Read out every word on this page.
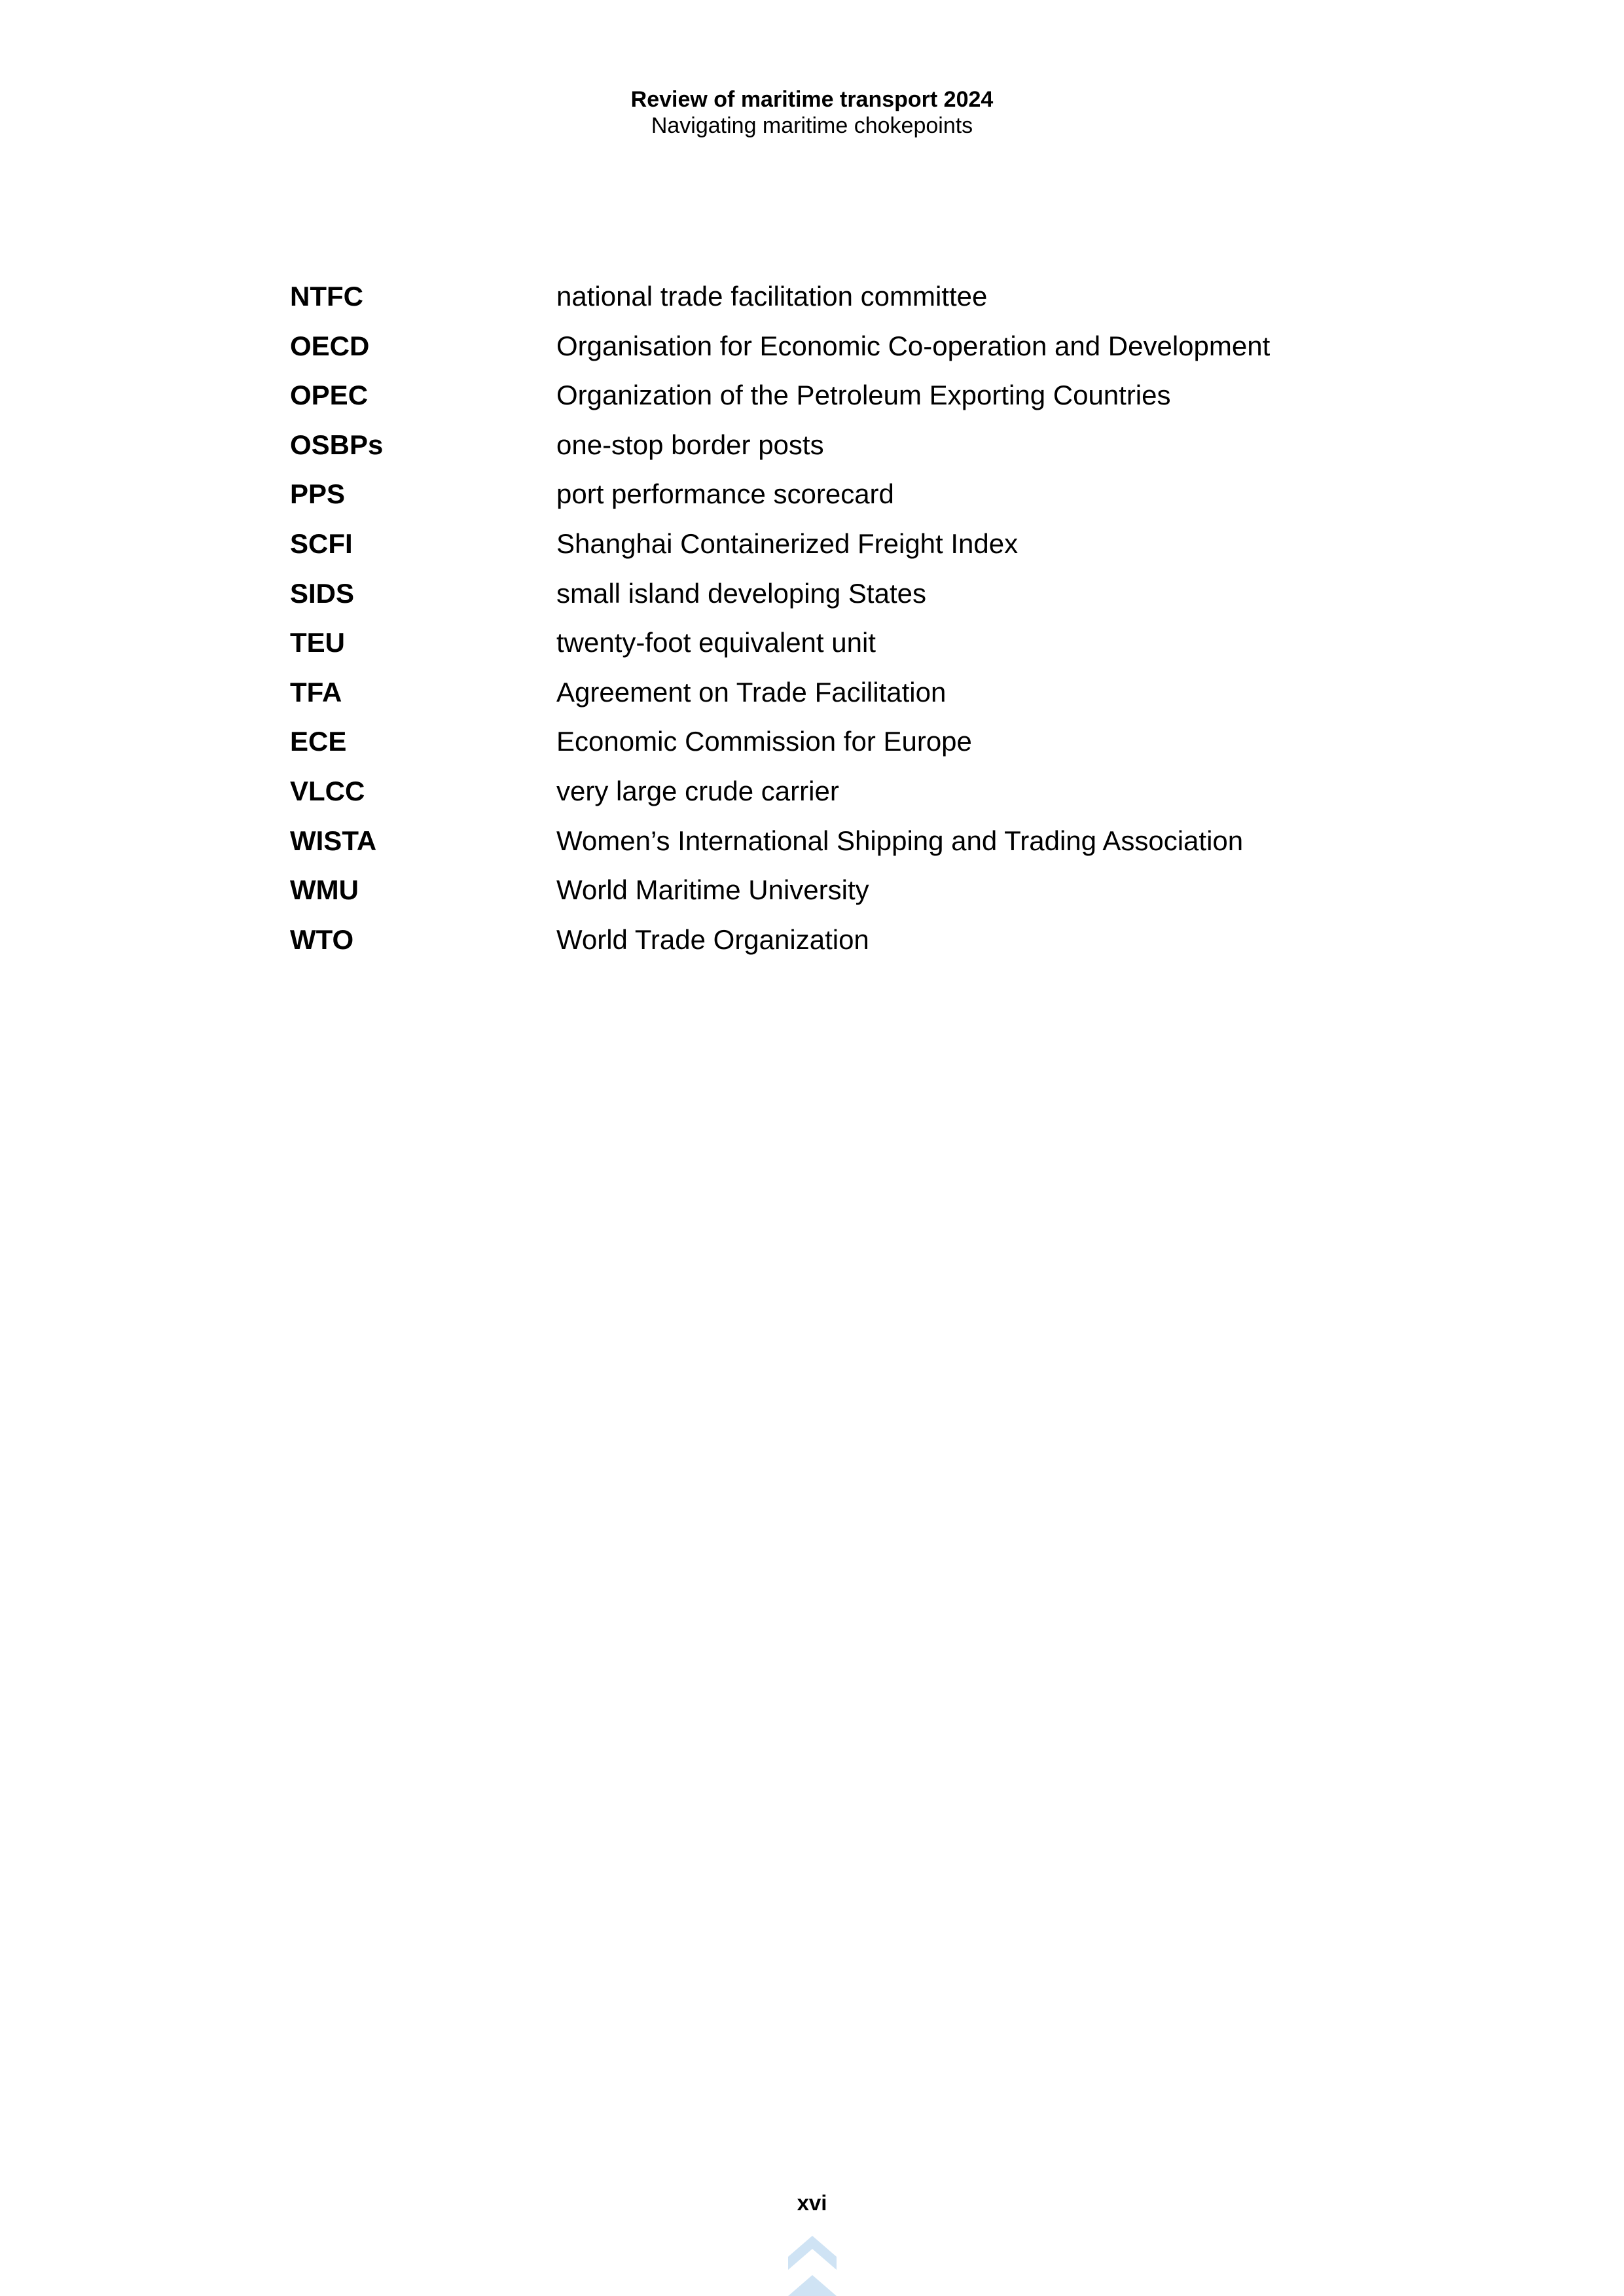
Review of maritime transport 2024
Navigating maritime chokepoints
NTFC	national trade facilitation committee
OECD	Organisation for Economic Co-operation and Development
OPEC	Organization of the Petroleum Exporting Countries
OSBPs	one-stop border posts
PPS	port performance scorecard
SCFI	Shanghai Containerized Freight Index
SIDS	small island developing States
TEU	twenty-foot equivalent unit
TFA	Agreement on Trade Facilitation
ECE	Economic Commission for Europe
VLCC	very large crude carrier
WISTA	Women’s International Shipping and Trading Association
WMU	World Maritime University
WTO	World Trade Organization
xvi
